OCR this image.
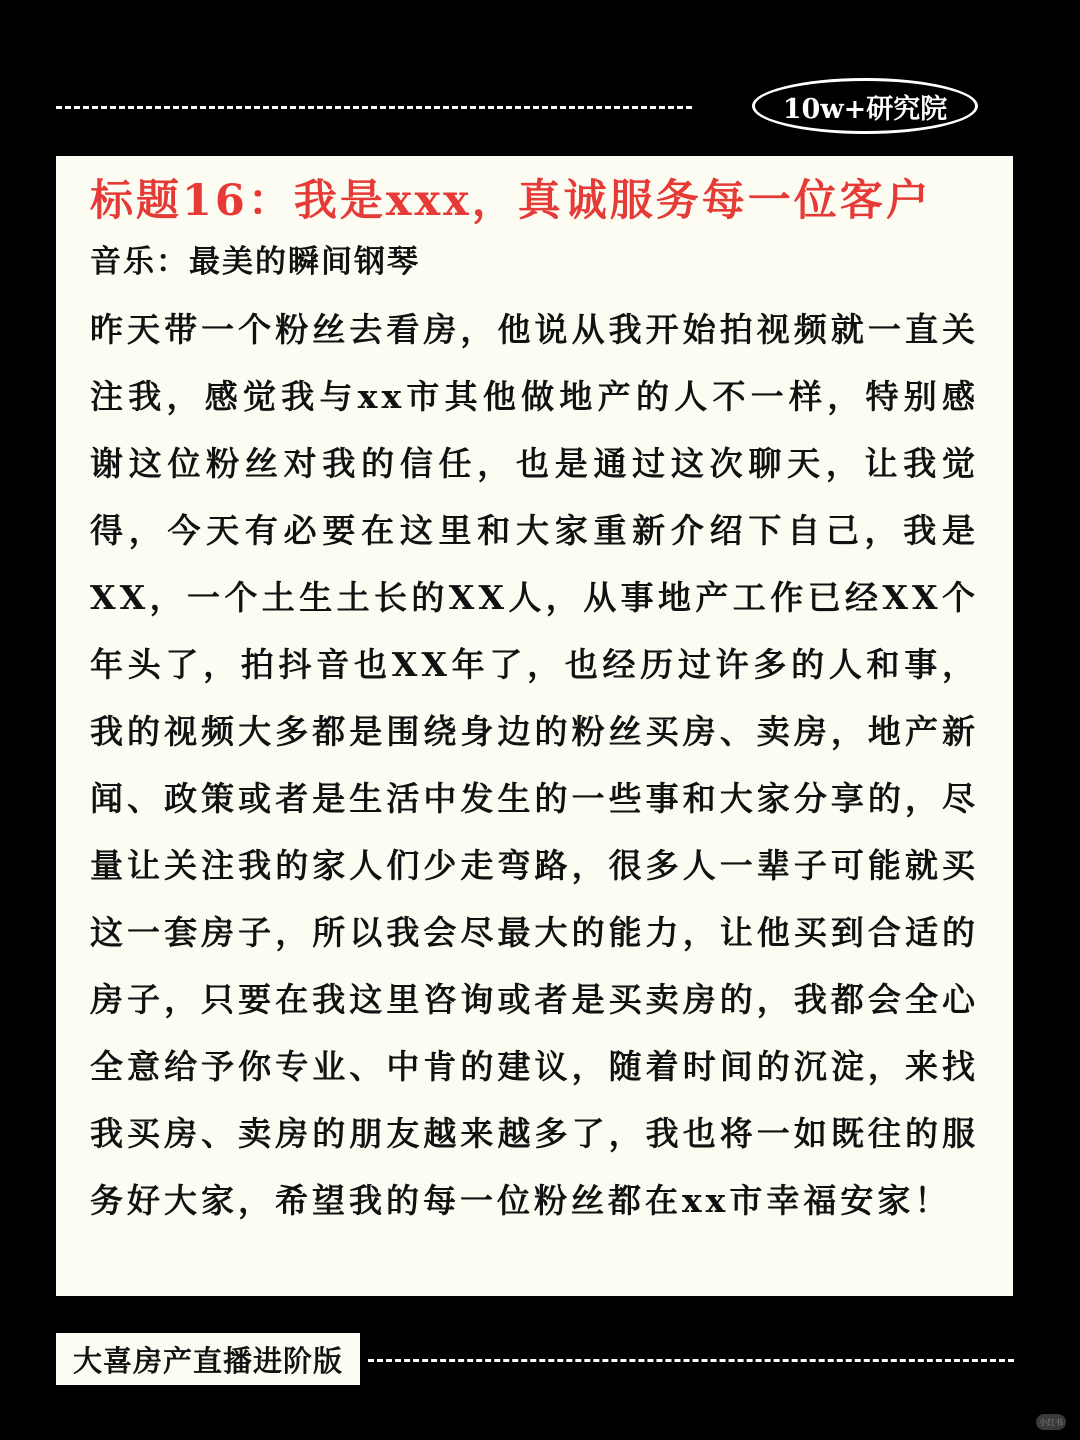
10w+研究院
标题16：我是xxx，真诚服务每一位客户
音乐：最美的瞬间钢琴

昨天带一个粉丝去看房，他说从我开始拍视频就一直关注我，感觉我与xx市其他做地产的人不一样，特别感谢这位粉丝对我的信任，也是通过这次聊天，让我觉得，今天有必要在这里和大家重新介绍下自己，我是XX，一个土生土长的XX人，从事地产工作已经XX个年头了，拍抖音也XX年了，也经历过许多的人和事，我的视频大多都是围绕身边的粉丝买房、卖房，地产新闻、政策或者是生活中发生的一些事和大家分享的，尽量让关注我的家人们少走弯路，很多人一辈子可能就买这一套房子，所以我会尽最大的能力，让他买到合适的房子，只要在我这里咨询或者是买卖房的，我都会全心全意给予你专业、中肯的建议，随着时间的沉淀，来找我买房、卖房的朋友越来越多了，我也将一如既往的服务好大家，希望我的每一位粉丝都在xx市幸福安家！

大喜房产直播进阶版
小红书
